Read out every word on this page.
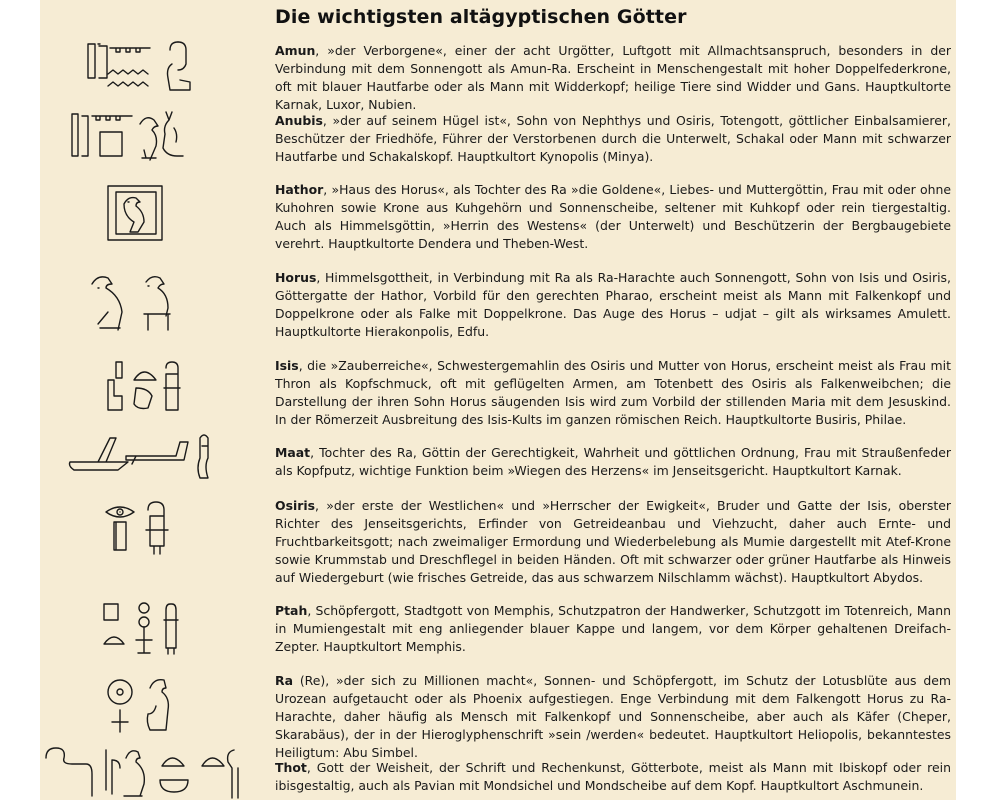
Die wichtigsten altägyptischen Götter

Amun, »der Verborgene«, einer der acht Urgötter, Luftgott mit Allmachtsanspruch, besonders in der Verbindung mit dem Sonnengott als Amun-Ra. Erscheint in Menschengestalt mit hoher Doppelfederkrone, oft mit blauer Hautfarbe oder als Mann mit Widderkopf; heilige Tiere sind Widder und Gans. Hauptkultorte Karnak, Luxor, Nubien.

Anubis, »der auf seinem Hügel ist«, Sohn von Nephthys und Osiris, Totengott, göttlicher Einbalsamierer, Beschützer der Friedhöfe, Führer der Verstorbenen durch die Unterwelt, Schakal oder Mann mit schwarzer Hautfarbe und Schakalskopf. Hauptkultort Kynopolis (Minya).

Hathor, »Haus des Horus«, als Tochter des Ra »die Goldene«, Liebes- und Muttergöttin, Frau mit oder ohne Kuhohren sowie Krone aus Kuhgehörn und Sonnenscheibe, seltener mit Kuhkopf oder rein tiergestaltig. Auch als Himmelsgöttin, »Herrin des Westens« (der Unterwelt) und Beschützerin der Bergbaugebiete verehrt. Hauptkultorte Dendera und Theben-West.

Horus, Himmelsgottheit, in Verbindung mit Ra als Ra-Harachte auch Sonnengott, Sohn von Isis und Osiris, Göttergatte der Hathor, Vorbild für den gerechten Pharao, erscheint meist als Mann mit Falkenkopf und Doppelkrone oder als Falke mit Doppelkrone. Das Auge des Horus – udjat – gilt als wirksames Amulett. Hauptkultorte Hierakonpolis, Edfu.

Isis, die »Zauberreiche«, Schwestergemahlin des Osiris und Mutter von Horus, erscheint meist als Frau mit Thron als Kopfschmuck, oft mit geflügelten Armen, am Totenbett des Osiris als Falkenweibchen; die Darstellung der ihren Sohn Horus säugenden Isis wird zum Vorbild der stillenden Maria mit dem Jesuskind. In der Römerzeit Ausbreitung des Isis-Kults im ganzen römischen Reich. Hauptkultorte Busiris, Philae.

Maat, Tochter des Ra, Göttin der Gerechtigkeit, Wahrheit und göttlichen Ordnung, Frau mit Straußenfeder als Kopfputz, wichtige Funktion beim »Wiegen des Herzens« im Jenseitsgericht. Hauptkultort Karnak.

Osiris, »der erste der Westlichen« und »Herrscher der Ewigkeit«, Bruder und Gatte der Isis, oberster Richter des Jenseitsgerichts, Erfinder von Getreideanbau und Viehzucht, daher auch Ernte- und Fruchtbarkeitsgott; nach zweimaliger Ermordung und Wiederbelebung als Mumie dargestellt mit Atef-Krone sowie Krummstab und Dreschflegel in beiden Händen. Oft mit schwarzer oder grüner Hautfarbe als Hinweis auf Wiedergeburt (wie frisches Getreide, das aus schwarzem Nilschlamm wächst). Hauptkultort Abydos.

Ptah, Schöpfergott, Stadtgott von Memphis, Schutzpatron der Handwerker, Schutzgott im Totenreich, Mann in Mumiengestalt mit eng anliegender blauer Kappe und langem, vor dem Körper gehaltenen Dreifach-Zepter. Hauptkultort Memphis.

Ra (Re), »der sich zu Millionen macht«, Sonnen- und Schöpfergott, im Schutz der Lotusblüte aus dem Urozean aufgetaucht oder als Phoenix aufgestiegen. Enge Verbindung mit dem Falkengott Horus zu Ra-Harachte, daher häufig als Mensch mit Falkenkopf und Sonnenscheibe, aber auch als Käfer (Cheper, Skarabäus), der in der Hieroglyphenschrift »sein /werden« bedeutet. Hauptkultort Heliopolis, bekanntestes Heiligtum: Abu Simbel.

Thot, Gott der Weisheit, der Schrift und Rechenkunst, Götterbote, meist als Mann mit Ibiskopf oder rein ibisgestaltig, auch als Pavian mit Mondsichel und Mondscheibe auf dem Kopf. Hauptkultort Aschmunein.
